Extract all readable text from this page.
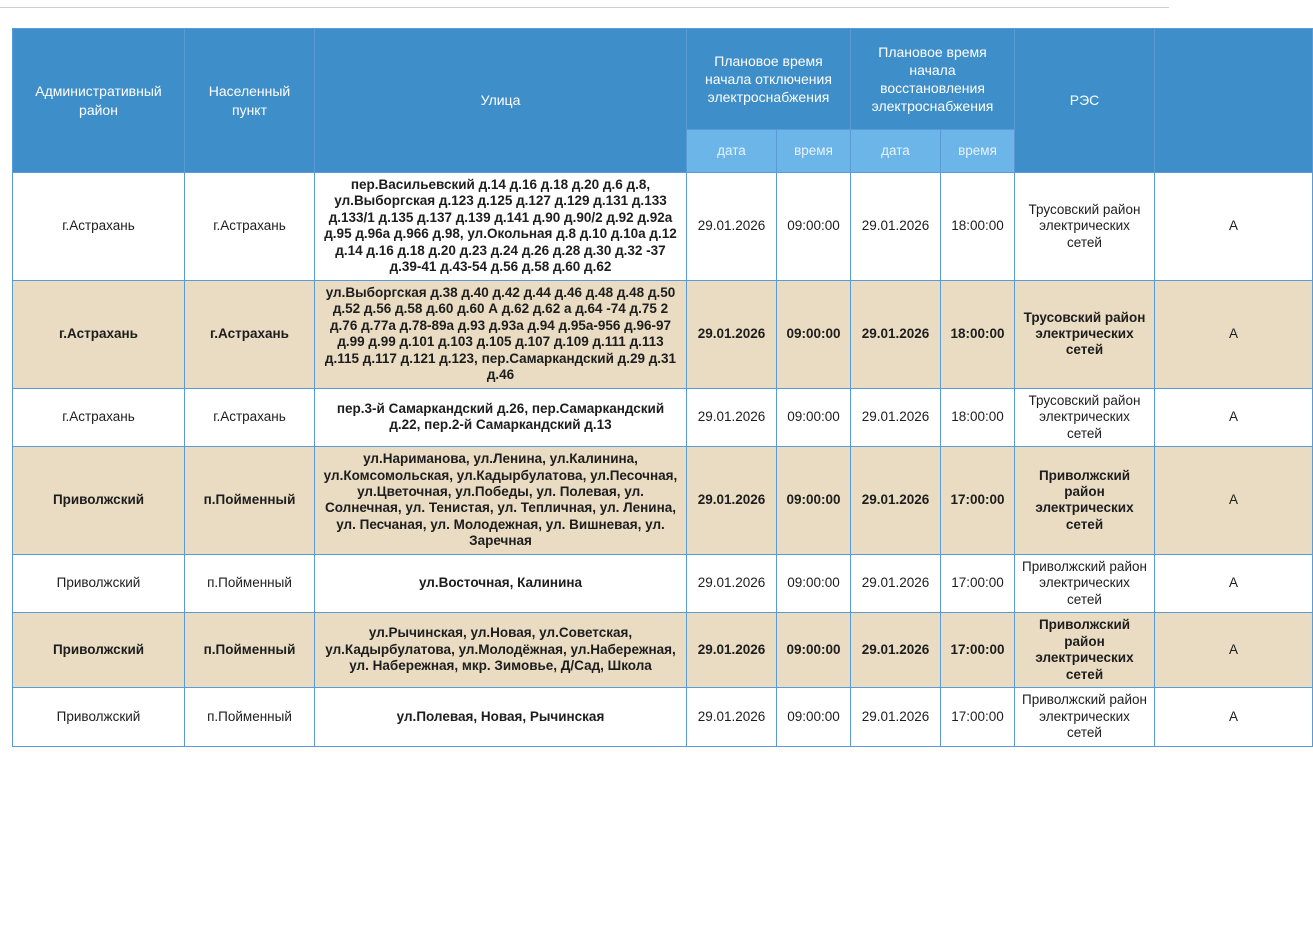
Административный район	Населенный пункт	Улица	Плановое время начала отключения электроснабжения		Плановое время начала восстановления электроснабжения		РЭС	
			дата	время	дата	время		
г.Астрахань	г.Астрахань	пер.Васильевский д.14 д.16 д.18 д.20 д.6 д.8, ул.Выборгская д.123 д.125 д.127 д.129 д.131 д.133 д.133/1 д.135 д.137 д.139 д.141 д.90 д.90/2 д.92 д.92а д.95 д.96а д.966 д.98, ул.Окольная д.8 д.10 д.10а д.12 д.14 д.16 д.18 д.20 д.23 д.24 д.26 д.28 д.30 д.32 -37 д.39-41 д.43-54 д.56 д.58 д.60 д.62	29.01.2026	09:00:00	29.01.2026	18:00:00	Трусовский район электрических сетей	А
г.Астрахань	г.Астрахань	ул.Выборгская д.38 д.40 д.42 д.44 д.46 д.48 д.48 д.50 д.52 д.56 д.58 д.60 д.60 А д.62 д.62 а д.64 -74 д.75 2 д.76 д.77а д.78-89а д.93 д.93а д.94 д.95а-956 д.96-97 д.99 д.99 д.101 д.103 д.105 д.107 д.109 д.111 д.113 д.115 д.117 д.121 д.123, пер.Самаркандский д.29 д.31 д.46	29.01.2026	09:00:00	29.01.2026	18:00:00	Трусовский район электрических сетей	А
г.Астрахань	г.Астрахань	пер.3-й Самаркандский д.26, пер.Самаркандский д.22, пер.2-й Самаркандский д.13	29.01.2026	09:00:00	29.01.2026	18:00:00	Трусовский район электрических сетей	А
Приволжский	п.Пойменный	ул.Нариманова, ул.Ленина, ул.Калинина, ул.Комсомольская, ул.Кадырбулатова, ул.Песочная, ул.Цветочная, ул.Победы, ул. Полевая, ул. Солнечная, ул. Тенистая, ул. Тепличная, ул. Ленина, ул. Песчаная, ул. Молодежная, ул. Вишневая, ул. Заречная	29.01.2026	09:00:00	29.01.2026	17:00:00	Приволжский район электрических сетей	А
Приволжский	п.Пойменный	ул.Восточная, Калинина	29.01.2026	09:00:00	29.01.2026	17:00:00	Приволжский район электрических сетей	А
Приволжский	п.Пойменный	ул.Рычинская, ул.Новая, ул.Советская, ул.Кадырбулатова, ул.Молодёжная, ул.Набережная, ул. Набережная, мкр. Зимовье, Д/Сад, Школа	29.01.2026	09:00:00	29.01.2026	17:00:00	Приволжский район электрических сетей	А
Приволжский	п.Пойменный	ул.Полевая, Новая, Рычинская	29.01.2026	09:00:00	29.01.2026	17:00:00	Приволжский район электрических сетей	А
